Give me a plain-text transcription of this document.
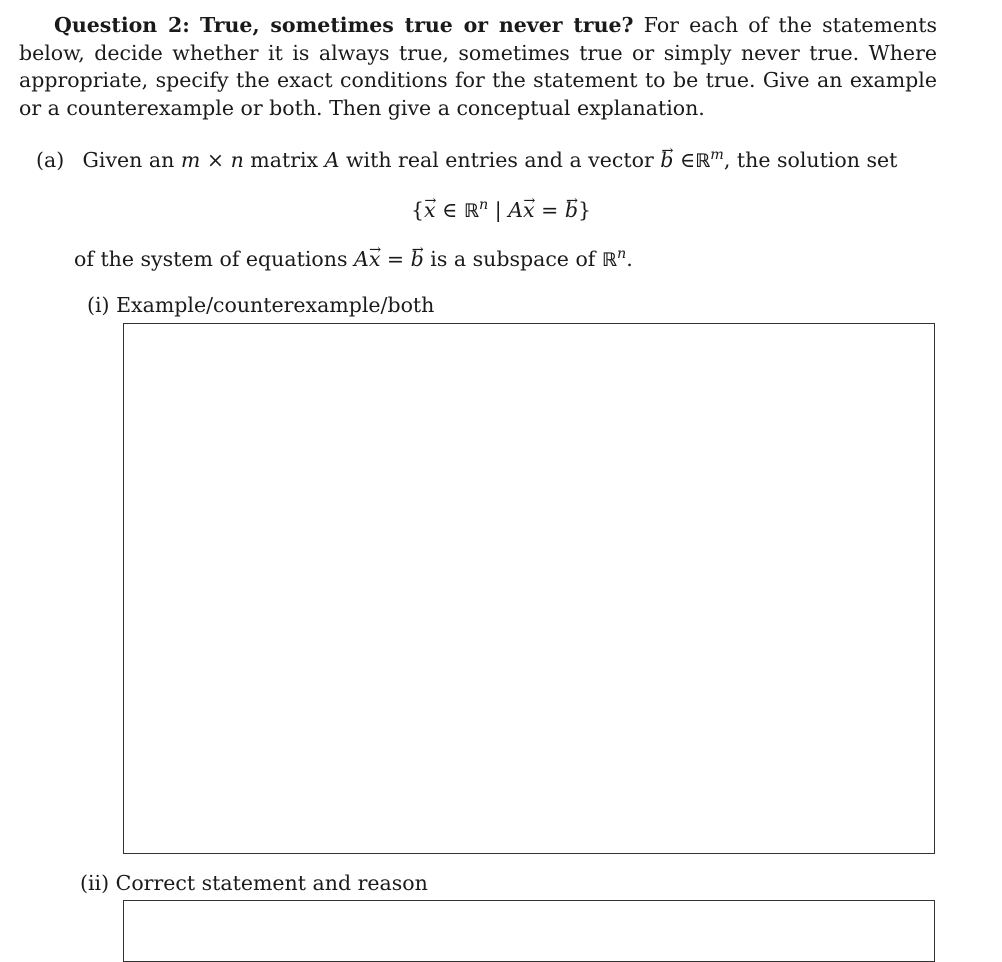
Question 2: True, sometimes true or never true? For each of the statements below, decide whether it is always true, sometimes true or simply never true. Where appropriate, specify the exact conditions for the statement to be true. Give an example or a counterexample or both. Then give a conceptual explanation.

(a) Given an m × n matrix A with real entries and a vector → b ∈ℝ$^m$, the solution set
{→ x ∈ ℝ$^n$ | A→ x = → b}
of the system of equations A→ x = → b is a subspace of ℝ$^n$.
(i) Example/counterexample/both
(ii) Correct statement and reason
